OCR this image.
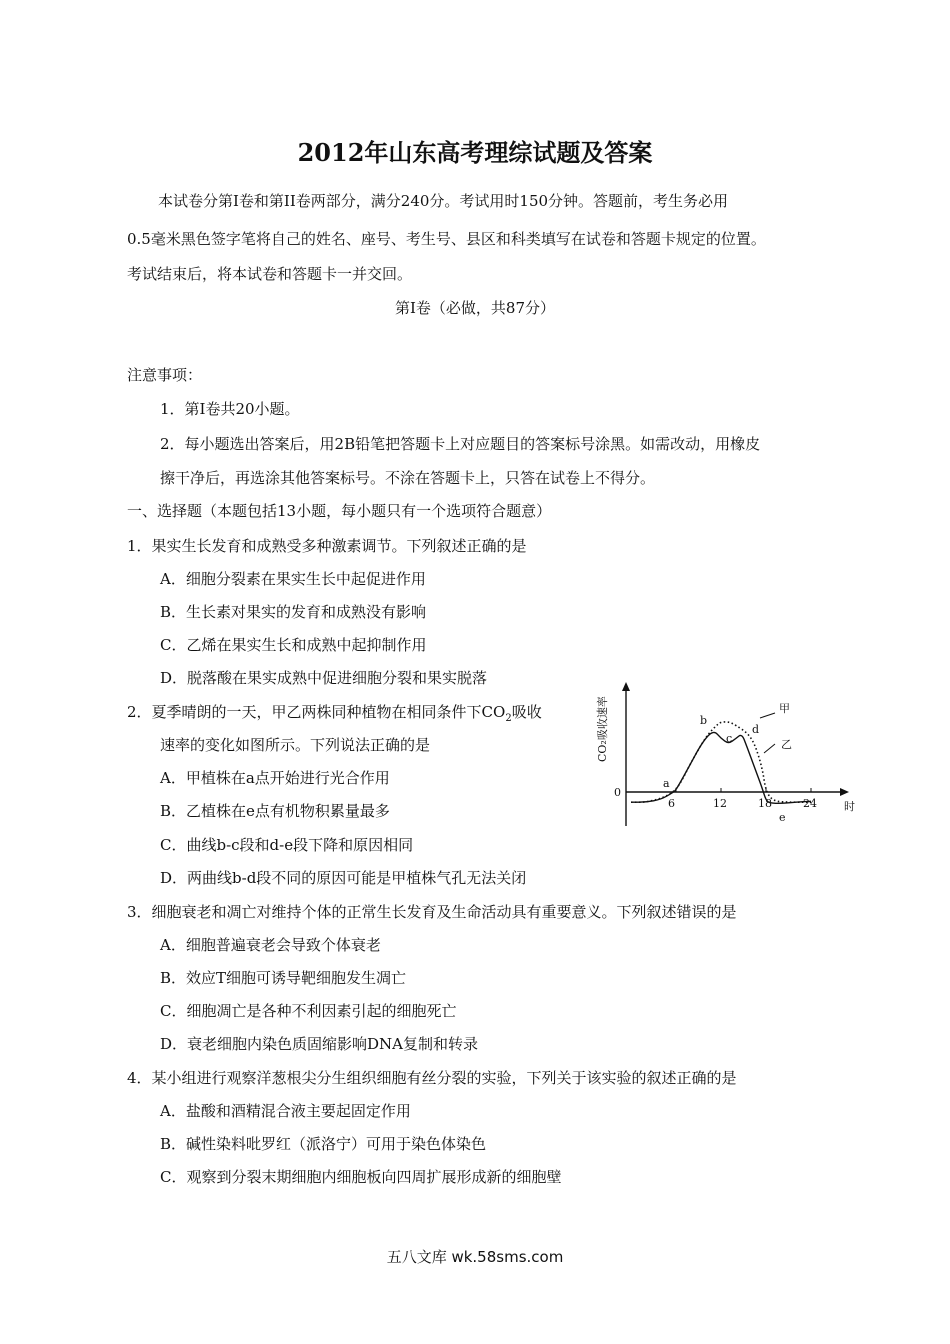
2012年山东高考理综试题及答案
本试卷分第I卷和第II卷两部分，满分240分。考试用时150分钟。答题前，考生务必用
0.5毫米黑色签字笔将自己的姓名、座号、考生号、县区和科类填写在试卷和答题卡规定的位置。
考试结束后，将本试卷和答题卡一并交回。
第I卷（必做，共87分）
注意事项：
1．第I卷共20小题。
2．每小题选出答案后，用2B铅笔把答题卡上对应题目的答案标号涂黑。如需改动，用橡皮
擦干净后，再选涂其他答案标号。不涂在答题卡上，只答在试卷上不得分。
一、选择题（本题包括13小题，每小题只有一个选项符合题意）
1．果实生长发育和成熟受多种激素调节。下列叙述正确的是
A．细胞分裂素在果实生长中起促进作用
B．生长素对果实的发育和成熟没有影响
C．乙烯在果实生长和成熟中起抑制作用
D．脱落酸在果实成熟中促进细胞分裂和果实脱落
2．夏季晴朗的一天，甲乙两株同种植物在相同条件下$CO_2$吸收
速率的变化如图所示。下列说法正确的是
A．甲植株在a点开始进行光合作用
B．乙植株在e点有机物积累量最多
C．曲线b-c段和d-e段下降和原因相同
D．两曲线b-d段不同的原因可能是甲植株气孔无法关闭
CO₂吸收速率
时
0
6	12	18	24
a
b
c
d
e
甲
乙
3．细胞衰老和凋亡对维持个体的正常生长发育及生命活动具有重要意义。下列叙述错误的是
A．细胞普遍衰老会导致个体衰老
B．效应T细胞可诱导靶细胞发生凋亡
C．细胞凋亡是各种不利因素引起的细胞死亡
D．衰老细胞内染色质固缩影响DNA复制和转录
4．某小组进行观察洋葱根尖分生组织细胞有丝分裂的实验，下列关于该实验的叙述正确的是
A．盐酸和酒精混合液主要起固定作用
B．碱性染料吡罗红（派洛宁）可用于染色体染色
C．观察到分裂末期细胞内细胞板向四周扩展形成新的细胞壁
五八文库 wk.58sms.com
